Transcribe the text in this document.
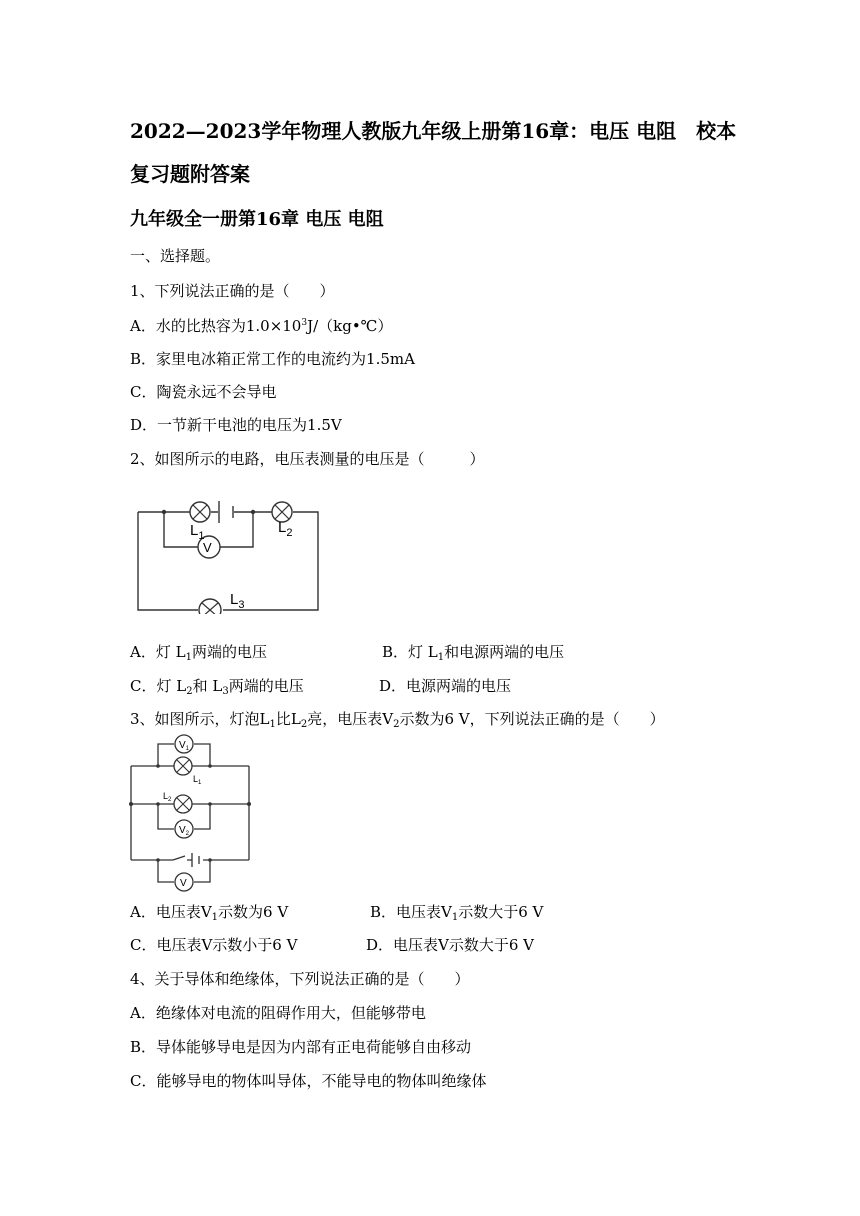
2022—2023学年物理人教版九年级上册第16章：电压 电阻　校本
复习题附答案
九年级全一册第16章 电压 电阻
一、选择题。
1、下列说法正确的是（　　）
A．水的比热容为$1.0\times 10^3J/(kg•℃)$
B．家里电冰箱正常工作的电流约为1.5mA
C．陶瓷永远不会导电
D．一节新干电池的电压为1.5V
2、如图所示的电路，电压表测量的电压是（　　　）
$L_1$	$L_2$
V
$L_3$
A．灯 $L_1$两端的电压	B．灯 $L_1$和电源两端的电压
C．灯 $L_2$和 $L_3$两端的电压	D．电源两端的电压
3、如图所示，灯泡$L_1$比$L_2$亮，电压表$V_2$示数为6 V，下列说法正确的是（　　）
$V_1$
$L_1$
$L_2$
$V_2$
V
A．电压表$V_1$示数为6 V	B．电压表$V_1$示数大于6 V
C．电压表V示数小于6 V	D．电压表V示数大于6 V
4、关于导体和绝缘体，下列说法正确的是（　　）
A．绝缘体对电流的阻碍作用大，但能够带电
B．导体能够导电是因为内部有正电荷能够自由移动
C．能够导电的物体叫导体，不能导电的物体叫绝缘体
